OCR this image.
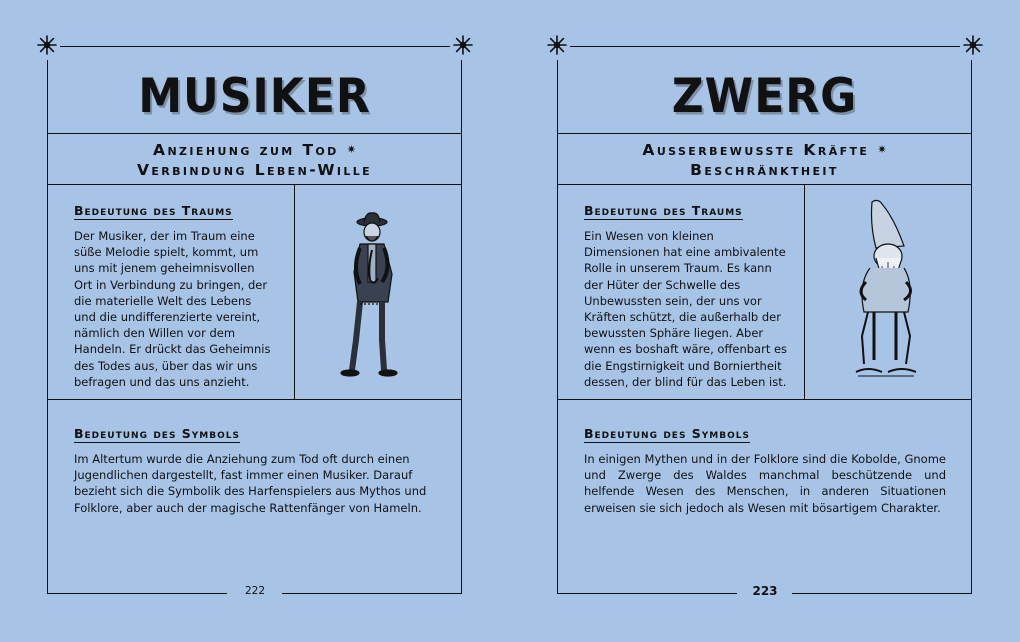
MUSIKER
Anziehung zum Tod ✷
Verbindung Leben-Wille
Bedeutung des Traums
Der Musiker, der im Traum eine süße Melodie spielt, kommt, um uns mit jenem geheimnisvollen Ort in Verbindung zu bringen, der die materielle Welt des Lebens und die undifferenzierte vereint, nämlich den Willen vor dem Handeln. Er drückt das Geheimnis des Todes aus, über das wir uns befragen und das uns anzieht.
Bedeutung des Symbols
Im Altertum wurde die Anziehung zum Tod oft durch einen Jugendlichen dargestellt, fast immer einen Musiker. Darauf bezieht sich die Symbolik des Harfenspielers aus Mythos und Folklore, aber auch der magische Rattenfänger von Hameln.
222
ZWERG
Ausserbewusste Kräfte ✷
Beschränktheit
Bedeutung des Traums
Ein Wesen von kleinen Dimensionen hat eine ambivalente Rolle in unserem Traum. Es kann der Hüter der Schwelle des Unbewussten sein, der uns vor Kräften schützt, die außerhalb der bewussten Sphäre liegen. Aber wenn es boshaft wäre, offenbart es die Engstirnigkeit und Borniertheit dessen, der blind für das Leben ist.
Bedeutung des Symbols
In einigen Mythen und in der Folklore sind die Kobolde, Gnome und Zwerge des Waldes manchmal beschützende und helfende Wesen des Menschen, in anderen Situationen erweisen sie sich jedoch als Wesen mit bösartigem Charakter.
223
